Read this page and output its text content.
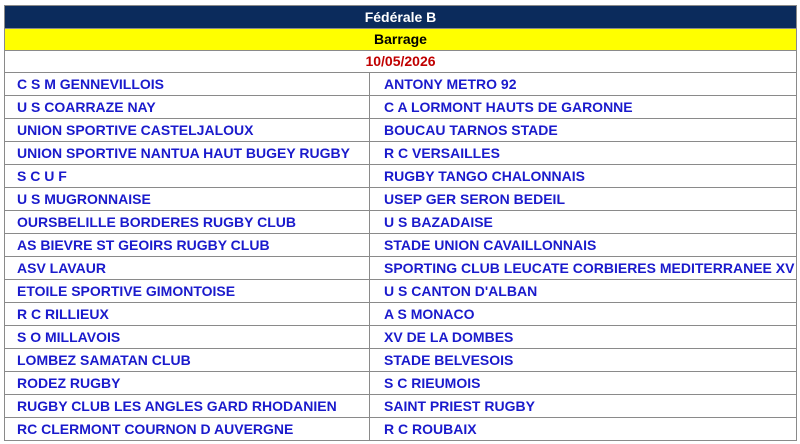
Fédérale B
Barrage
10/05/2026
C S M GENNEVILLOIS	ANTONY METRO 92
U S COARRAZE NAY	C A LORMONT HAUTS DE GARONNE
UNION SPORTIVE CASTELJALOUX	BOUCAU TARNOS STADE
UNION SPORTIVE NANTUA HAUT BUGEY RUGBY	R C VERSAILLES
S C U F	RUGBY TANGO CHALONNAIS
U S MUGRONNAISE	USEP GER SERON BEDEIL
OURSBELILLE BORDERES RUGBY CLUB	U S BAZADAISE
AS BIEVRE ST GEOIRS RUGBY CLUB	STADE UNION CAVAILLONNAIS
ASV LAVAUR	SPORTING CLUB LEUCATE CORBIERES MEDITERRANEE XV
ETOILE SPORTIVE GIMONTOISE	U S CANTON D'ALBAN
R C RILLIEUX	A S MONACO
S O MILLAVOIS	XV DE LA DOMBES
LOMBEZ SAMATAN CLUB	STADE BELVESOIS
RODEZ RUGBY	S C RIEUMOIS
RUGBY CLUB LES ANGLES GARD RHODANIEN	SAINT PRIEST RUGBY
RC CLERMONT COURNON D AUVERGNE	R C ROUBAIX
